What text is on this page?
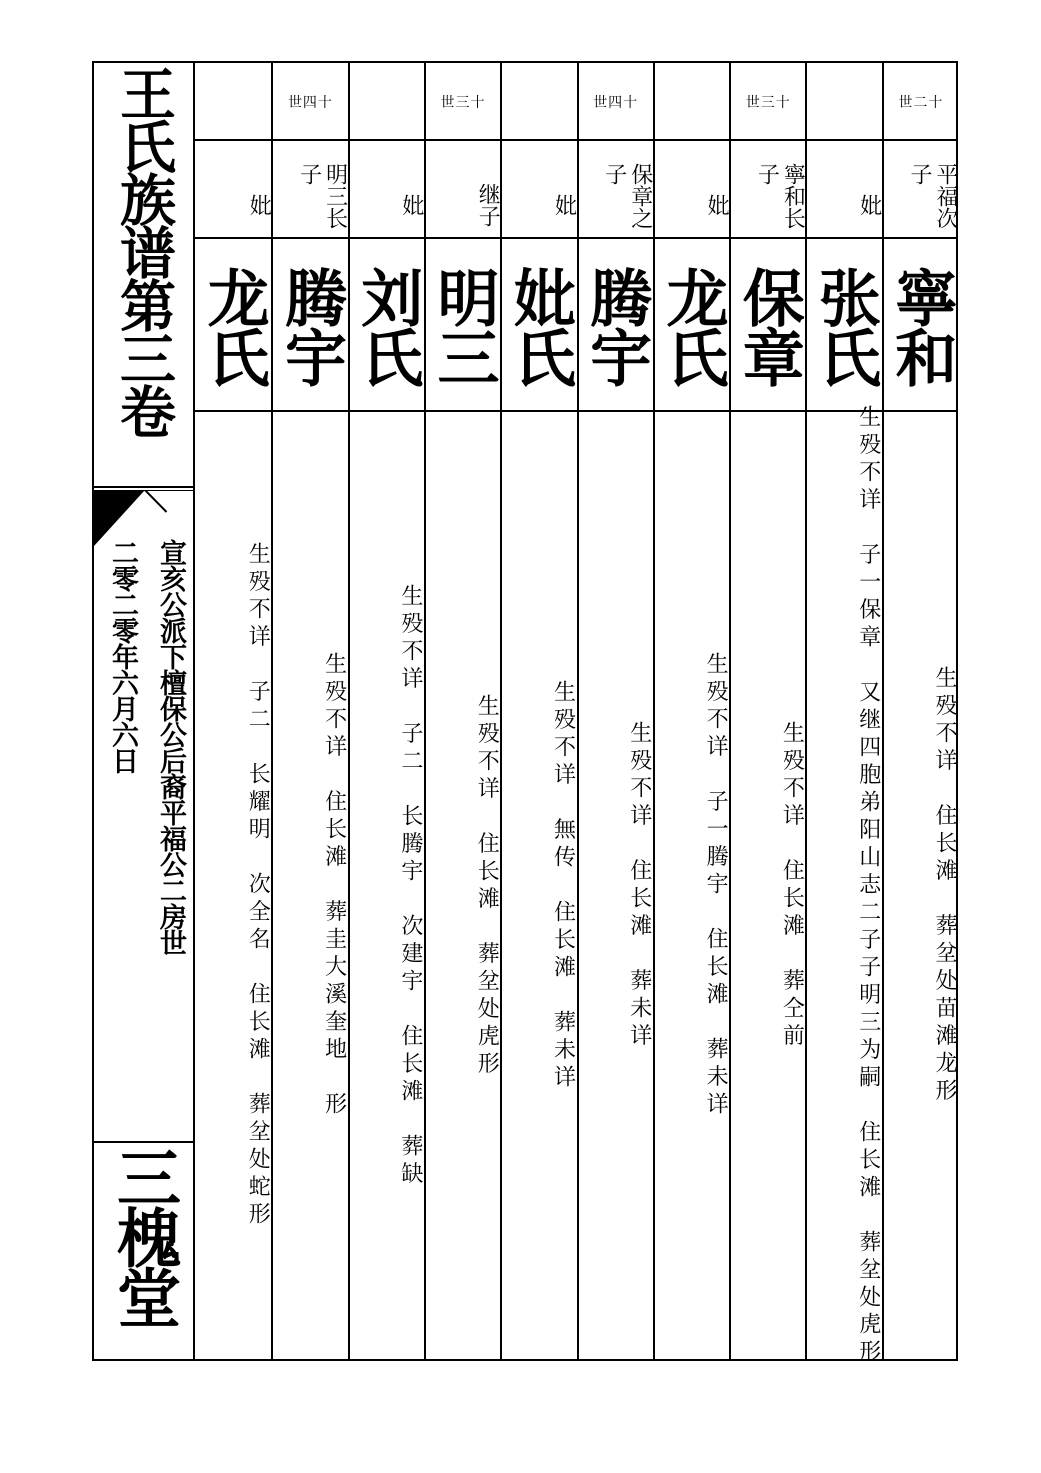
王氏族谱第三卷
宣亥公派下檀保公后裔平福公二房世
二零二零年六月六日
三槐堂
世二十
平福次子
寧和
生殁不详　住长滩　葬坌处苗滩龙形
妣
张氏
生殁不详　子一保章　又继四胞弟阳山志二子子明三为嗣　住长滩　葬坌处
虎形
世三十
寧和长子
保章
生殁不详　住长滩　葬仝前
妣
龙氏
生殁不详　子一腾宇　住长滩　葬未详
世四十
保章之子
腾宇
生殁不详　住长滩　葬未详
妣
妣氏
生殁不详　無传　住长滩　葬未详
世三十
继子
明三
生殁不详　住长滩　葬坌处虎形
妣
刘氏
生殁不详　子二　长腾宇　次建宇　住长滩　葬缺
世四十
明三长子
腾宇
生殁不详　住长滩　葬圭大溪奎地　形
妣
龙氏
生殁不详　子二　长耀明　次全名　住长滩　葬坌处蛇形
